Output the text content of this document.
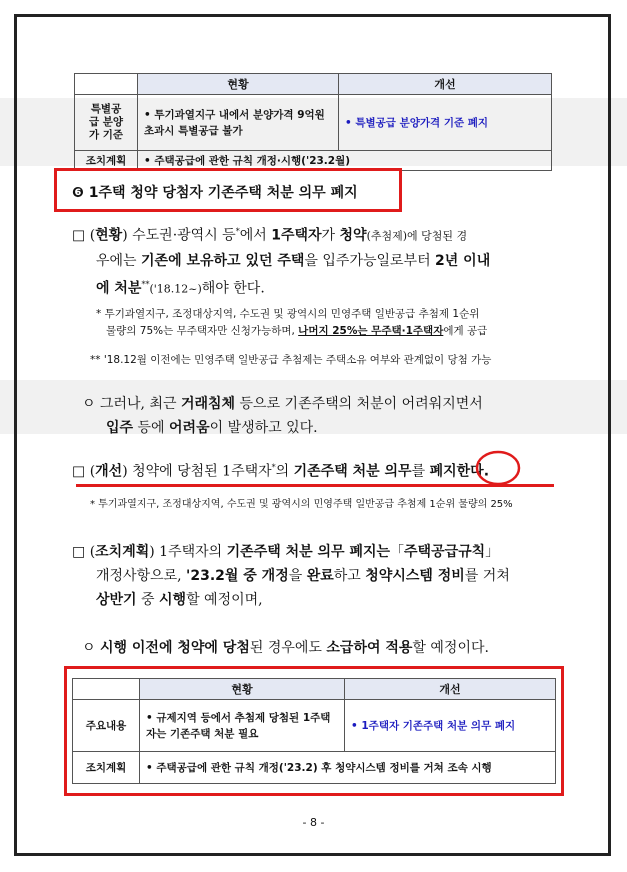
	현황	개선
특별공급 분양가 기준	• 투기과열지구 내에서 분양가격 9억원 초과시 특별공급 불가	• 특별공급 분양가격 기준 폐지
조치계획	• 주택공급에 관한 규칙 개정·시행('23.2월)	
❻ 1주택 청약 당첨자 기존주택 처분 의무 폐지
□ (현황) 수도권·광역시 등*에서 1주택자가 청약(추첨제)에 당첨된 경
우에는 기존에 보유하고 있던 주택을 입주가능일로부터 2년 이내
에 처분**('18.12~)해야 한다.
* 투기과열지구, 조정대상지역, 수도권 및 광역시의 민영주택 일반공급 추첨제 1순위
물량의 75%는 무주택자만 신청가능하며, 나머지 25%는 무주택·1주택자에게 공급
** '18.12월 이전에는 민영주택 일반공급 추첨제는 주택소유 여부와 관계없이 당첨 가능
ㅇ 그러나, 최근 거래침체 등으로 기존주택의 처분이 어려워지면서
입주 등에 어려움이 발생하고 있다.
□ (개선) 청약에 당첨된 1주택자*의 기존주택 처분 의무를 폐지한다.
* 투기과열지구, 조정대상지역, 수도권 및 광역시의 민영주택 일반공급 추첨제 1순위 물량의 25%
□ (조치계획) 1주택자의 기존주택 처분 의무 폐지는「주택공급규칙」
개정사항으로, '23.2월 중 개정을 완료하고 청약시스템 정비를 거쳐
상반기 중 시행할 예정이며,
ㅇ 시행 이전에 청약에 당첨된 경우에도 소급하여 적용할 예정이다.
	현황	개선
주요내용	• 규제지역 등에서 추첨제 당첨된 1주택자는 기존주택 처분 필요	• 1주택자 기존주택 처분 의무 폐지
조치계획	• 주택공급에 관한 규칙 개정('23.2) 후 청약시스템 정비를 거쳐 조속 시행	
- 8 -
